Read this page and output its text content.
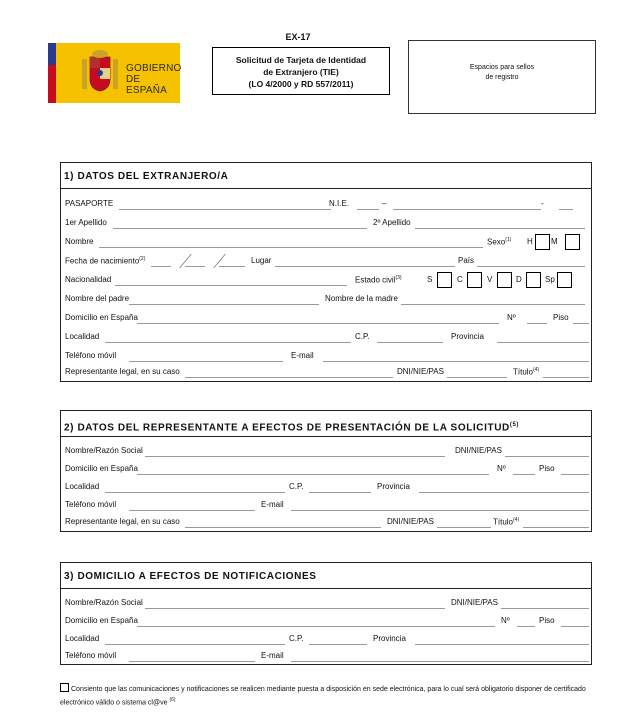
GOBIERNO
DE ESPAÑA
EX-17
Solicitud de Tarjeta de Identidad
de Extranjero (TIE)
(LO 4/2000 y RD 557/2011)
Espacios para sellos
de registro
1) DATOS DEL EXTRANJERO/A
PASAPORTE	N.I.E.	–	-
1er Apellido	2º Apellido
Nombre	Sexo$^{(1)}$ H M
Fecha de nacimiento$^{(2)}$	Lugar	País
Nacionalidad	Estado civil$^{(3)}$	S	C	V	D	Sp
Nombre del padre	Nombre de la madre
Domicilio en España	Nº	Piso
Localidad	C.P.	Provincia
Teléfono móvil	E-mail
Representante legal, en su caso	DNI/NIE/PAS	Título$^{(4)}$
2) DATOS DEL REPRESENTANTE A EFECTOS DE PRESENTACIÓN DE LA SOLICITUD$^{(5)}$
Nombre/Razón Social	DNI/NIE/PAS
Domicilio en España	Nº	Piso
Localidad	C.P.	Provincia
Teléfono móvil	E-mail
Representante legal, en su caso	DNI/NIE/PAS	Título$^{(4)}$
3) DOMICILIO A EFECTOS DE NOTIFICACIONES
Nombre/Razón Social	DNI/NIE/PAS
Domicilio en España	Nº	Piso
Localidad	C.P.	Provincia
Teléfono móvil	E-mail
Consiento que las comunicaciones y notificaciones se realicen mediante puesta a disposición en sede electrónica, para lo cual será obligatorio disponer de certificado electrónico válido o sistema cl@ve $^{(6)}$
